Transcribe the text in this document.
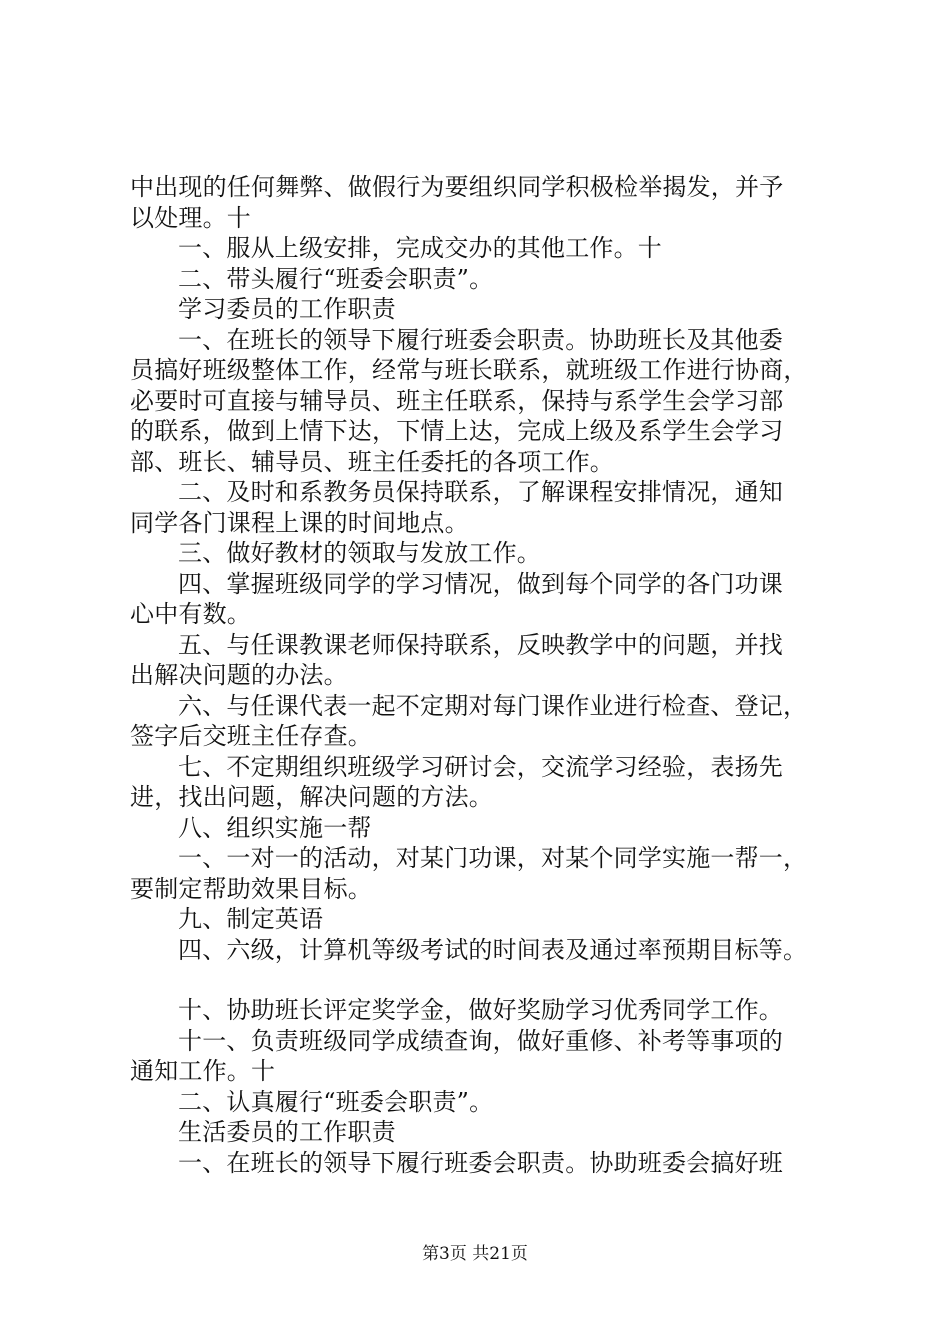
中出现的任何舞弊、做假行为要组织同学积极检举揭发，并予
以处理。十
一、服从上级安排，完成交办的其他工作。十
二、带头履行“班委会职责”。
学习委员的工作职责
一、在班长的领导下履行班委会职责。协助班长及其他委
员搞好班级整体工作，经常与班长联系，就班级工作进行协商，
必要时可直接与辅导员、班主任联系，保持与系学生会学习部
的联系，做到上情下达，下情上达，完成上级及系学生会学习
部、班长、辅导员、班主任委托的各项工作。
二、及时和系教务员保持联系，了解课程安排情况，通知
同学各门课程上课的时间地点。
三、做好教材的领取与发放工作。
四、掌握班级同学的学习情况，做到每个同学的各门功课
心中有数。
五、与任课教课老师保持联系，反映教学中的问题，并找
出解决问题的办法。
六、与任课代表一起不定期对每门课作业进行检查、登记，
签字后交班主任存查。
七、不定期组织班级学习研讨会，交流学习经验，表扬先
进，找出问题，解决问题的方法。
八、组织实施一帮
一、一对一的活动，对某门功课，对某个同学实施一帮一，
要制定帮助效果目标。
九、制定英语
四、六级，计算机等级考试的时间表及通过率预期目标等。
十、协助班长评定奖学金，做好奖励学习优秀同学工作。
十一、负责班级同学成绩查询，做好重修、补考等事项的
通知工作。十
二、认真履行“班委会职责”。
生活委员的工作职责
一、在班长的领导下履行班委会职责。协助班委会搞好班
第3页 共21页
